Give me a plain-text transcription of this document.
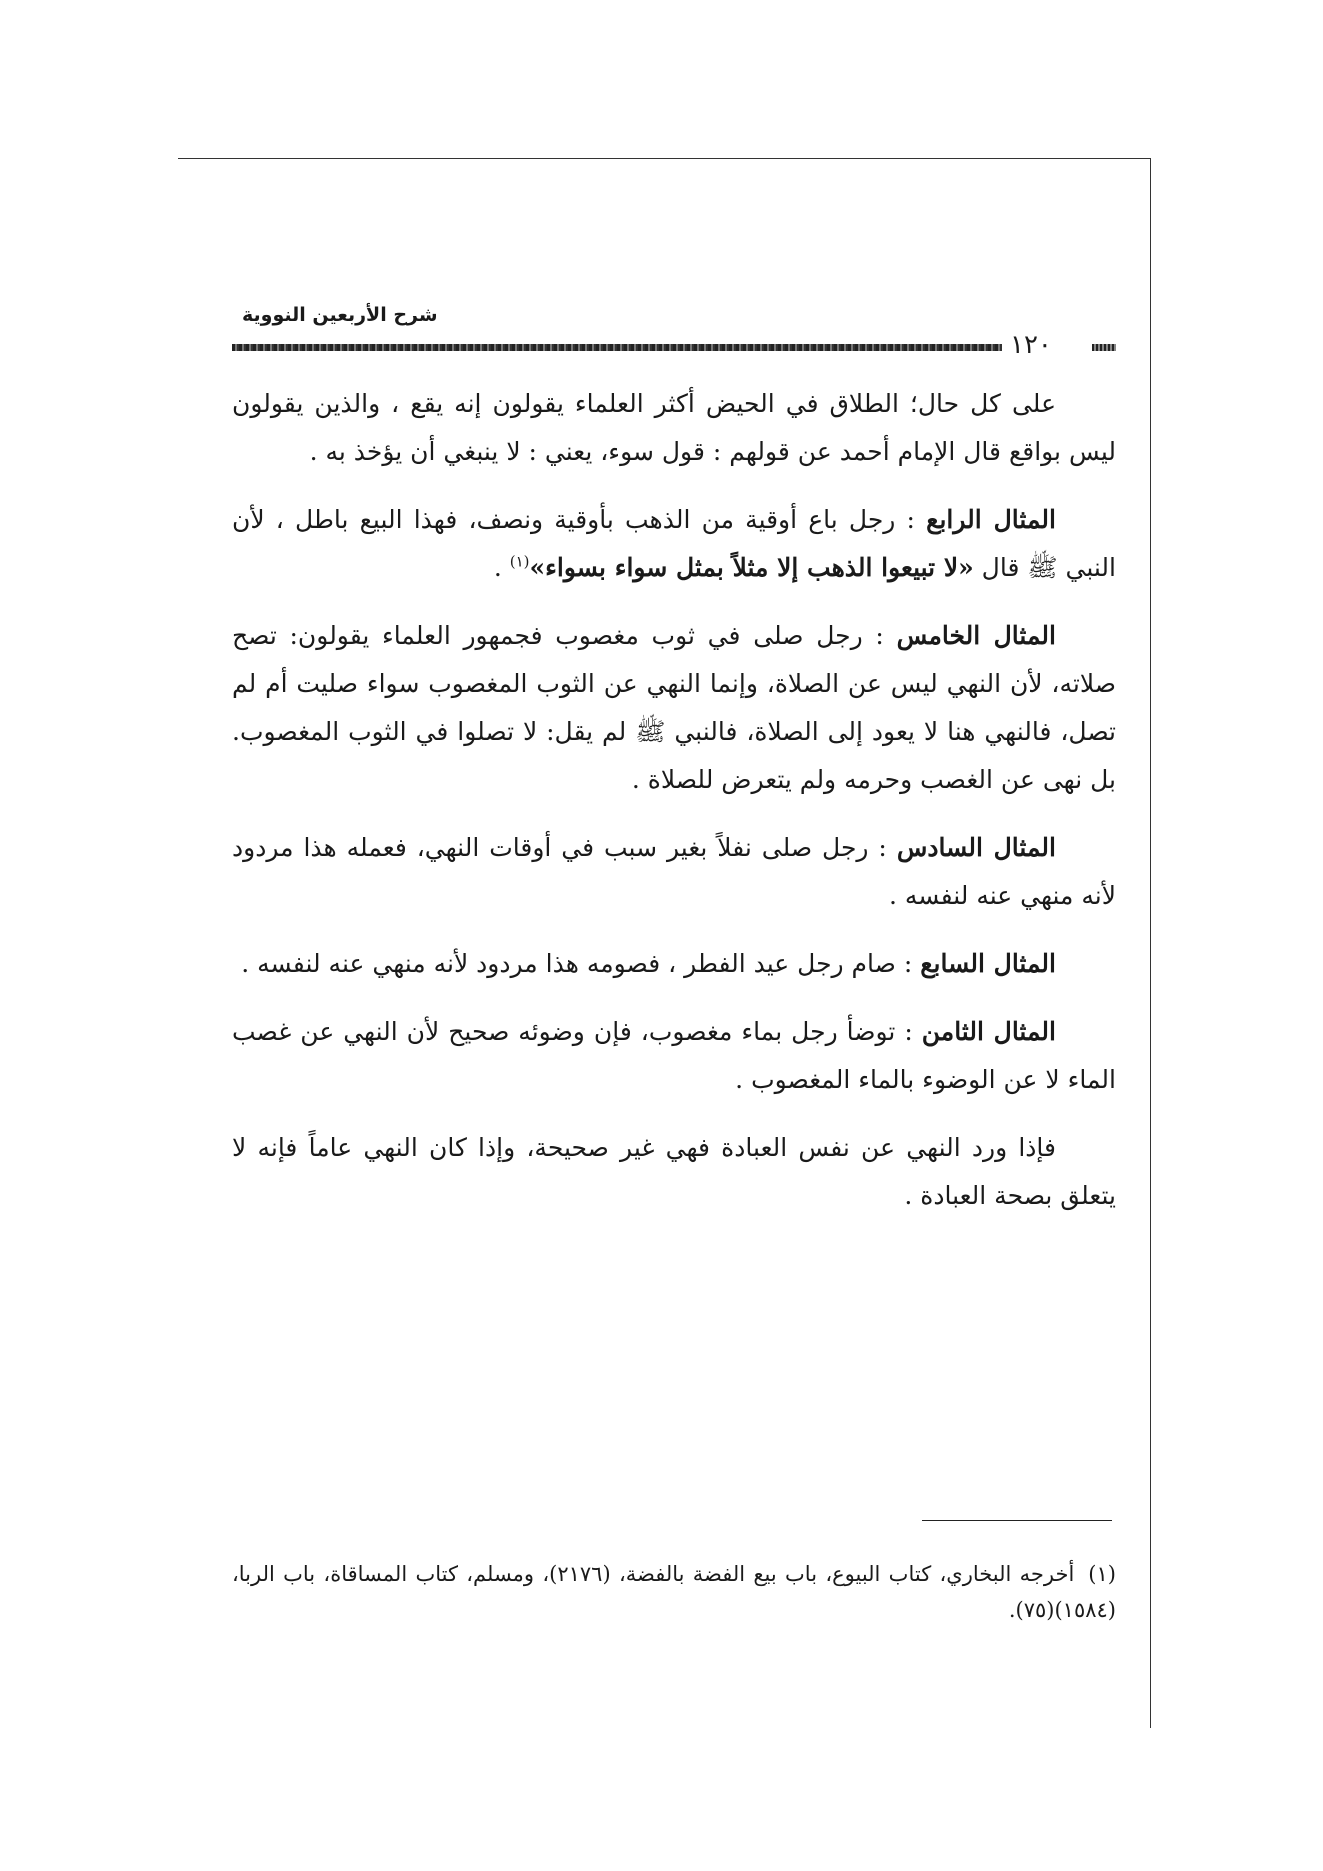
شرح الأربعين النووية
١٢٠

على كل حال؛ الطلاق في الحيض أكثر العلماء يقولون إنه يقع ، والذين يقولون ليس بواقع قال الإمام أحمد عن قولهم : قول سوء، يعني : لا ينبغي أن يؤخذ به .

المثال الرابع : رجل باع أوقية من الذهب بأوقية ونصف، فهذا البيع باطل ، لأن النبي ﷺ قال «لا تبيعوا الذهب إلا مثلاً بمثل سواء بسواء»$^{(١)}$ .

المثال الخامس : رجل صلى في ثوب مغصوب فجمهور العلماء يقولون: تصح صلاته، لأن النهي ليس عن الصلاة، وإنما النهي عن الثوب المغصوب سواء صليت أم لم تصل، فالنهي هنا لا يعود إلى الصلاة، فالنبي ﷺ لم يقل: لا تصلوا في الثوب المغصوب. بل نهى عن الغصب وحرمه ولم يتعرض للصلاة .

المثال السادس : رجل صلى نفلاً بغير سبب في أوقات النهي، فعمله هذا مردود لأنه منهي عنه لنفسه .

المثال السابع : صام رجل عيد الفطر ، فصومه هذا مردود لأنه منهي عنه لنفسه .

المثال الثامن : توضأ رجل بماء مغصوب، فإن وضوئه صحيح لأن النهي عن غصب الماء لا عن الوضوء بالماء المغصوب .

فإذا ورد النهي عن نفس العبادة فهي غير صحيحة، وإذا كان النهي عاماً فإنه لا يتعلق بصحة العبادة .

(١)أخرجه البخاري، كتاب البيوع، باب بيع الفضة بالفضة، (٢١٧٦)، ومسلم، كتاب المساقاة، باب الربا، (١٥٨٤)(٧٥).
